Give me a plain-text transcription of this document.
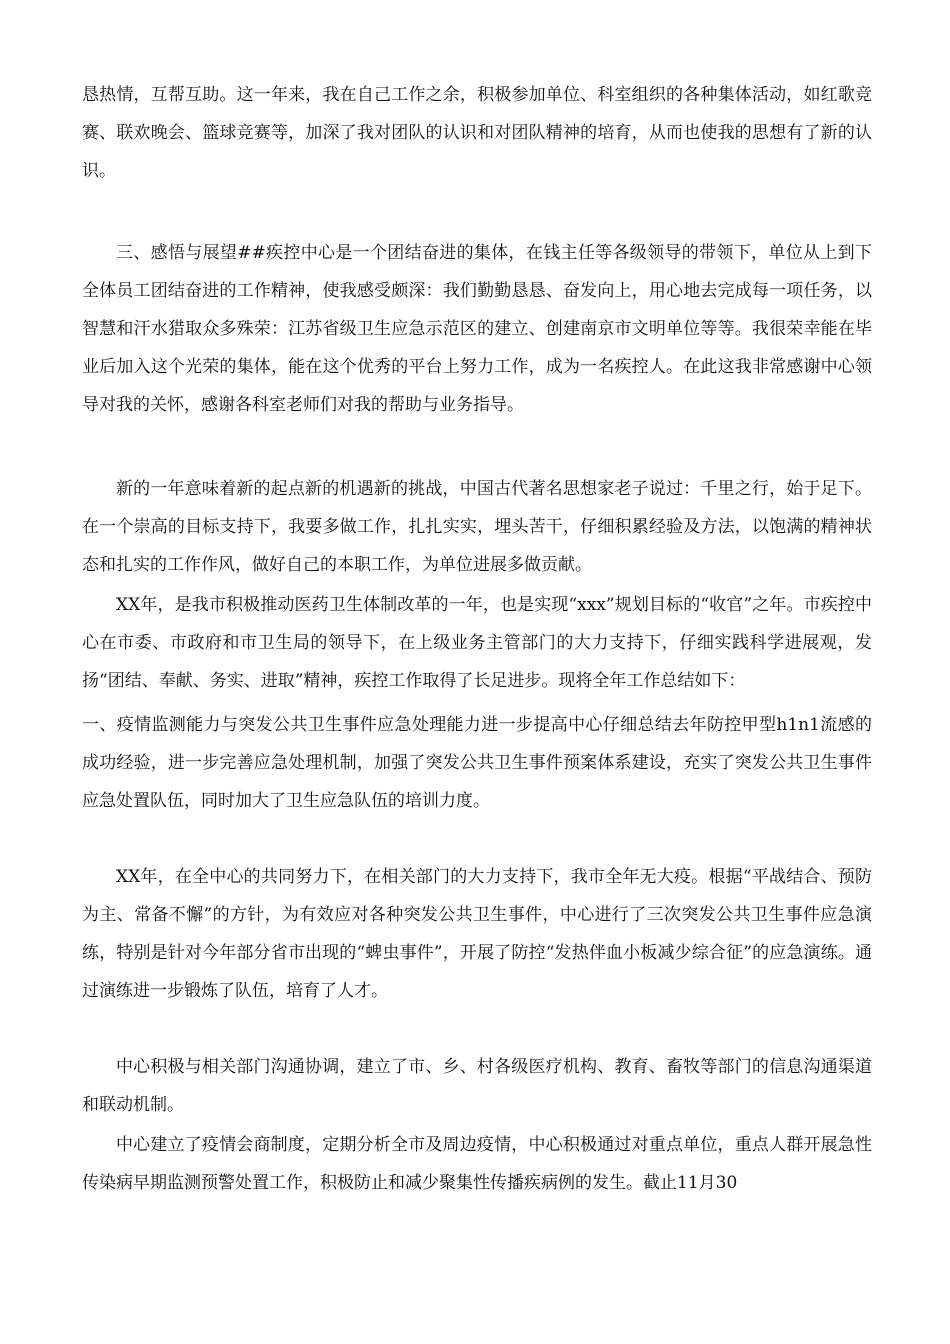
恳热情，互帮互助。这一年来，我在自己工作之余，积极参加单位、科室组织的各种集体活动，如红歌竞赛、联欢晚会、篮球竞赛等，加深了我对团队的认识和对团队精神的培育，从而也使我的思想有了新的认识。

三、感悟与展望##疾控中心是一个团结奋进的集体，在钱主任等各级领导的带领下，单位从上到下全体员工团结奋进的工作精神，使我感受颇深：我们勤勤恳恳、奋发向上，用心地去完成每一项任务，以智慧和汗水猎取众多殊荣：江苏省级卫生应急示范区的建立、创建南京市文明单位等等。我很荣幸能在毕业后加入这个光荣的集体，能在这个优秀的平台上努力工作，成为一名疾控人。在此这我非常感谢中心领导对我的关怀，感谢各科室老师们对我的帮助与业务指导。

新的一年意味着新的起点新的机遇新的挑战，中国古代著名思想家老子说过：千里之行，始于足下。在一个崇高的目标支持下，我要多做工作，扎扎实实，埋头苦干，仔细积累经验及方法，以饱满的精神状态和扎实的工作作风，做好自己的本职工作，为单位进展多做贡献。

XX年，是我市积极推动医药卫生体制改革的一年，也是实现“xxx”规划目标的“收官”之年。市疾控中心在市委、市政府和市卫生局的领导下，在上级业务主管部门的大力支持下，仔细实践科学进展观，发扬“团结、奉献、务实、进取”精神，疾控工作取得了长足进步。现将全年工作总结如下：

一、疫情监测能力与突发公共卫生事件应急处理能力进一步提高中心仔细总结去年防控甲型h1n1流感的成功经验，进一步完善应急处理机制，加强了突发公共卫生事件预案体系建设，充实了突发公共卫生事件应急处置队伍，同时加大了卫生应急队伍的培训力度。

XX年，在全中心的共同努力下，在相关部门的大力支持下，我市全年无大疫。根据“平战结合、预防为主、常备不懈”的方针，为有效应对各种突发公共卫生事件，中心进行了三次突发公共卫生事件应急演练，特别是针对今年部分省市出现的“蜱虫事件”，开展了防控“发热伴血小板减少综合征”的应急演练。通过演练进一步锻炼了队伍，培育了人才。

中心积极与相关部门沟通协调，建立了市、乡、村各级医疗机构、教育、畜牧等部门的信息沟通渠道和联动机制。

中心建立了疫情会商制度，定期分析全市及周边疫情，中心积极通过对重点单位，重点人群开展急性传染病早期监测预警处置工作，积极防止和减少聚集性传播疾病例的发生。截止11月30
